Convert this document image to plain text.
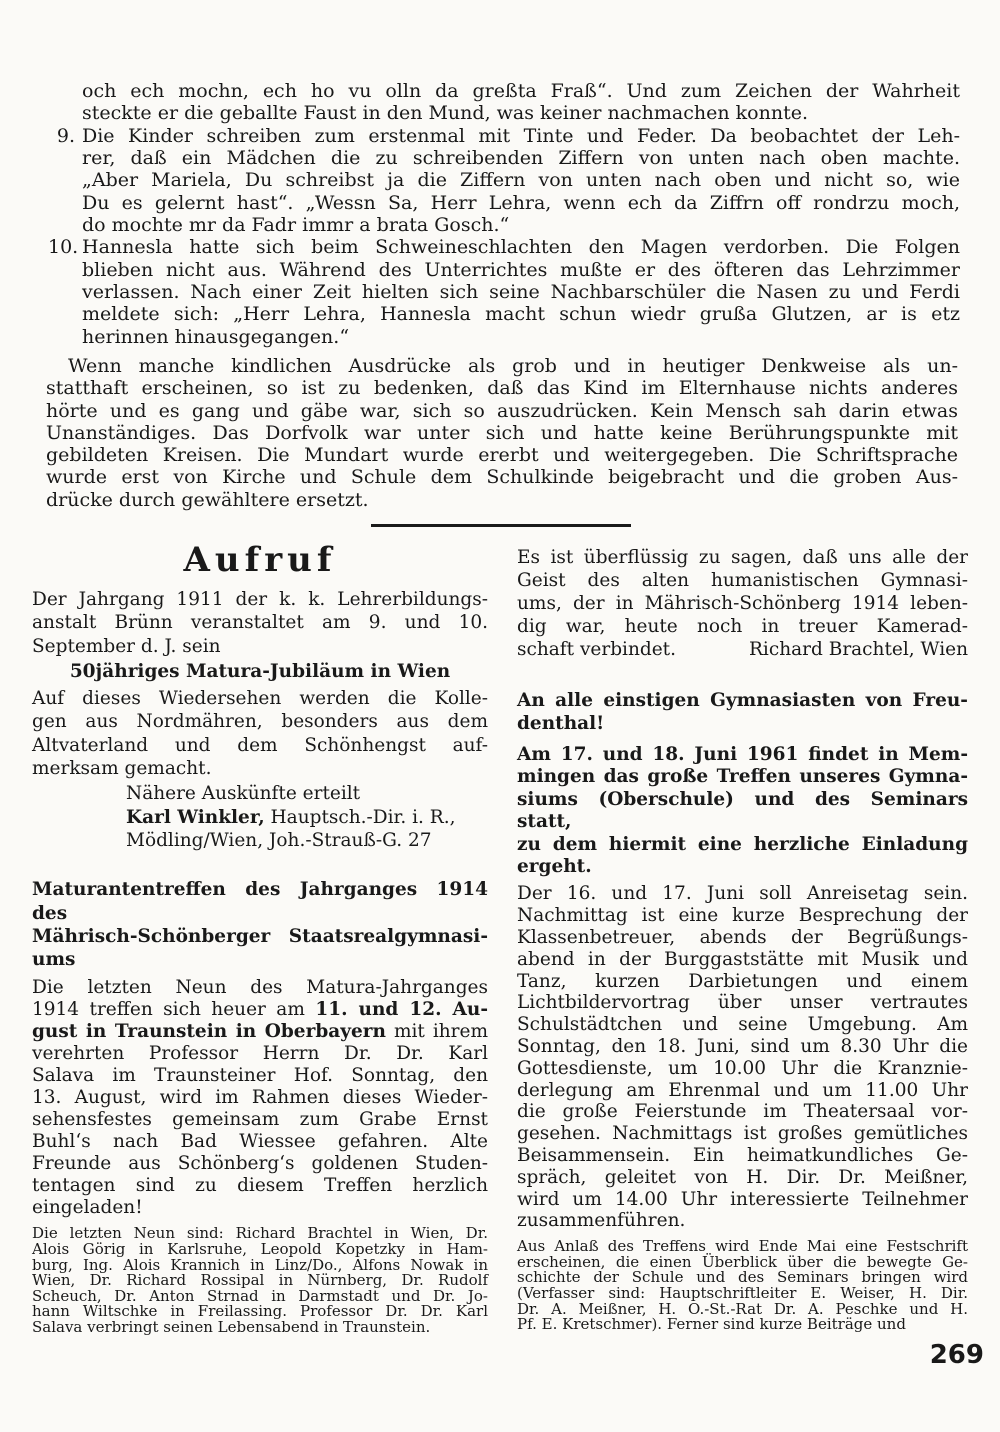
och ech mochn, ech ho vu olln da greßta Fraß“. Und zum Zeichen der Wahrheit
steckte er die geballte Faust in den Mund, was keiner nachmachen konnte.
9. Die Kinder schreiben zum erstenmal mit Tinte und Feder. Da beobachtet der Leh-
rer, daß ein Mädchen die zu schreibenden Ziffern von unten nach oben machte.
„Aber Mariela, Du schreibst ja die Ziffern von unten nach oben und nicht so, wie
Du es gelernt hast“. „Wessn Sa, Herr Lehra, wenn ech da Ziffrn off rondrzu moch,
do mochte mr da Fadr immr a brata Gosch.“
10. Hannesla hatte sich beim Schweineschlachten den Magen verdorben. Die Folgen
blieben nicht aus. Während des Unterrichtes mußte er des öfteren das Lehrzimmer
verlassen. Nach einer Zeit hielten sich seine Nachbarschüler die Nasen zu und Ferdi
meldete sich: „Herr Lehra, Hannesla macht schun wiedr grußa Glutzen, ar is etz
herinnen hinausgegangen.“
Wenn manche kindlichen Ausdrücke als grob und in heutiger Denkweise als un-
statthaft erscheinen, so ist zu bedenken, daß das Kind im Elternhause nichts anderes
hörte und es gang und gäbe war, sich so auszudrücken. Kein Mensch sah darin etwas
Unanständiges. Das Dorfvolk war unter sich und hatte keine Berührungspunkte mit
gebildeten Kreisen. Die Mundart wurde ererbt und weitergegeben. Die Schriftsprache
wurde erst von Kirche und Schule dem Schulkinde beigebracht und die groben Aus-
drücke durch gewähltere ersetzt.
Aufruf
Der Jahrgang 1911 der k. k. Lehrerbildungs-
anstalt Brünn veranstaltet am 9. und 10.
September d. J. sein
50jähriges Matura-Jubiläum in Wien
Auf dieses Wiedersehen werden die Kolle-
gen aus Nordmähren, besonders aus dem
Altvaterland und dem Schönhengst auf-
merksam gemacht.
Nähere Auskünfte erteilt
Karl Winkler, Hauptsch.-Dir. i. R.,
Mödling/Wien, Joh.-Strauß-G. 27
Maturantentreffen des Jahrganges 1914 des
Mährisch-Schönberger Staatsrealgymnasi-
ums
Die letzten Neun des Matura-Jahrganges
1914 treffen sich heuer am 11. und 12. Au-
gust in Traunstein in Oberbayern mit ihrem
verehrten Professor Herrn Dr. Dr. Karl
Salava im Traunsteiner Hof. Sonntag, den
13. August, wird im Rahmen dieses Wieder-
sehensfestes gemeinsam zum Grabe Ernst
Buhl‘s nach Bad Wiessee gefahren. Alte
Freunde aus Schönberg‘s goldenen Studen-
tentagen sind zu diesem Treffen herzlich
eingeladen!
Die letzten Neun sind: Richard Brachtel in Wien, Dr.
Alois Görig in Karlsruhe, Leopold Kopetzky in Ham-
burg, Ing. Alois Krannich in Linz/Do., Alfons Nowak in
Wien, Dr. Richard Rossipal in Nürnberg, Dr. Rudolf
Scheuch, Dr. Anton Strnad in Darmstadt und Dr. Jo-
hann Wiltschke in Freilassing. Professor Dr. Dr. Karl
Salava verbringt seinen Lebensabend in Traunstein.
Es ist überflüssig zu sagen, daß uns alle der
Geist des alten humanistischen Gymnasi-
ums, der in Mährisch-Schönberg 1914 leben-
dig war, heute noch in treuer Kamerad-
schaft verbindet.	Richard Brachtel, Wien
An alle einstigen Gymnasiasten von Freu-
denthal!
Am 17. und 18. Juni 1961 findet in Mem-
mingen das große Treffen unseres Gymna-
siums (Oberschule) und des Seminars statt,
zu dem hiermit eine herzliche Einladung
ergeht.
Der 16. und 17. Juni soll Anreisetag sein.
Nachmittag ist eine kurze Besprechung der
Klassenbetreuer, abends der Begrüßungs-
abend in der Burggaststätte mit Musik und
Tanz, kurzen Darbietungen und einem
Lichtbildervortrag über unser vertrautes
Schulstädtchen und seine Umgebung. Am
Sonntag, den 18. Juni, sind um 8.30 Uhr die
Gottesdienste, um 10.00 Uhr die Kranznie-
derlegung am Ehrenmal und um 11.00 Uhr
die große Feierstunde im Theatersaal vor-
gesehen. Nachmittags ist großes gemütliches
Beisammensein. Ein heimatkundliches Ge-
spräch, geleitet von H. Dir. Dr. Meißner,
wird um 14.00 Uhr interessierte Teilnehmer
zusammenführen.
Aus Anlaß des Treffens wird Ende Mai eine Festschrift
erscheinen, die einen Überblick über die bewegte Ge-
schichte der Schule und des Seminars bringen wird
(Verfasser sind: Hauptschriftleiter E. Weiser, H. Dir.
Dr. A. Meißner, H. O.-St.-Rat Dr. A. Peschke und H.
Pf. E. Kretschmer). Ferner sind kurze Beiträge und
269
